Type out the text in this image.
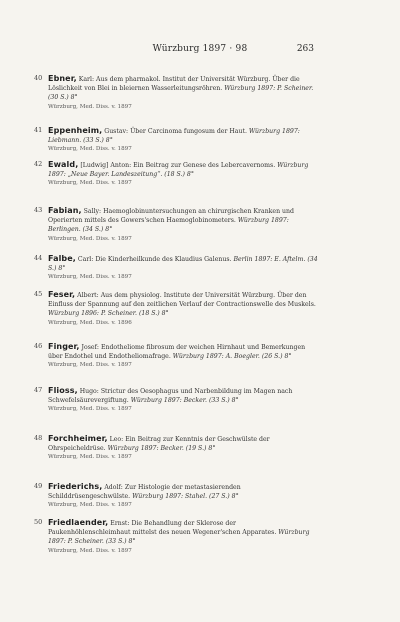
Würzburg 1897 · 98	263
40 Ebner, Karl: Aus dem pharmakol. Institut der Universität Würzburg. Über die Löslichkeit von Blei in bleiernen Wasserleitungsröhren. Würzburg 1897: P. Scheiner. (30 S.) 8°
Würzburg, Med. Diss. v. 1897
41 Eppenheim, Gustav: Über Carcinoma fungosum der Haut. Würzburg 1897: Liebmann. (33 S.) 8°
Würzburg, Med. Diss. v. 1897
42 Ewald, [Ludwig] Anton: Ein Beitrag zur Genese des Lebercavernoms. Würzburg 1897: „Neue Bayer. Landeszeitung“. (18 S.) 8°
Würzburg, Med. Diss. v. 1897
43 Fabian, Sally: Haemoglobinuntersuchungen an chirurgischen Kranken und Operierten mittels des Gowers'schen Haemoglobinometers. Würzburg 1897: Berlingen. (34 S.) 8°
Würzburg, Med. Diss. v. 1897
44 Falbe, Carl: Die Kinderheilkunde des Klaudius Galenus. Berlin 1897: E. Aftelm. (34 S.) 8°
Würzburg, Med. Diss. v. 1897
45 Feser, Albert: Aus dem physiolog. Institute der Universität Würzburg. Über den Einfluss der Spannung auf den zeitlichen Verlauf der Contractionswelle des Muskels. Würzburg 1896: P. Scheiner. (18 S.) 8°
Würzburg, Med. Diss. v. 1896
46 Finger, Josef: Endotheliome fibrosum der weichen Hirnhaut und Bemerkungen über Endothel und Endotheliomafrage. Würzburg 1897: A. Boegler. (26 S.) 8°
Würzburg, Med. Diss. v. 1897
47 Flioss, Hugo: Strictur des Oesophagus und Narbenbildung im Magen nach Schwefelsäurevergiftung. Würzburg 1897: Becker. (33 S.) 8°
Würzburg, Med. Diss. v. 1897
48 Forchheimer, Leo: Ein Beitrag zur Kenntnis der Geschwülste der Ohrspeicheldrüse. Würzburg 1897: Becker. (19 S.) 8°
Würzburg, Med. Diss. v. 1897
49 Friederichs, Adolf: Zur Histologie der metastasierenden Schilddrüsengeschwülste. Würzburg 1897: Stahel. (27 S.) 8°
Würzburg, Med. Diss. v. 1897
50 Friedlaender, Ernst: Die Behandlung der Sklerose der Paukenhöhlenschleimhaut mittelst des neuen Wegener'schen Apparates. Würzburg 1897: P. Scheiner. (33 S.) 8°
Würzburg, Med. Diss. v. 1897
